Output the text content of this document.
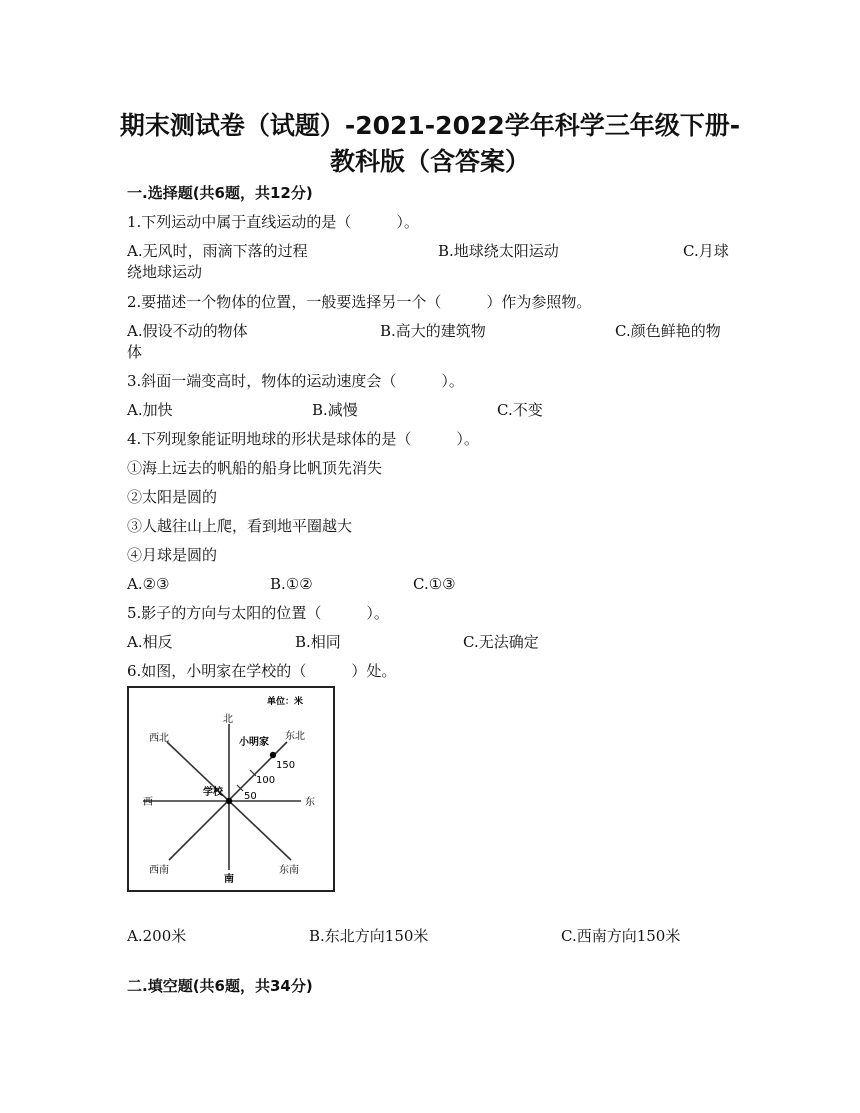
期末测试卷（试题）-2021-2022学年科学三年级下册-
教科版（含答案）
一.选择题(共6题，共12分)
1.下列运动中属于直线运动的是（　　　）。
A.无风时，雨滴下落的过程	B.地球绕太阳运动	C.月球
绕地球运动
2.要描述一个物体的位置，一般要选择另一个（　　　）作为参照物。
A.假设不动的物体	B.高大的建筑物	C.颜色鲜艳的物
体
3.斜面一端变高时，物体的运动速度会（　　　）。
A.加快	B.减慢	C.不变
4.下列现象能证明地球的形状是球体的是（　　　）。
①海上远去的帆船的船身比帆顶先消失
②太阳是圆的
③人越往山上爬，看到地平圈越大
④月球是圆的
A.②③	B.①②	C.①③
5.影子的方向与太阳的位置（　　　）。
A.相反	B.相同	C.无法确定
6.如图，小明家在学校的（　　　）处。
单位：米
北
南
东
西
东北
西北
东南
西南
小明家
学校 50
100
150
A.200米	B.东北方向150米	C.西南方向150米
二.填空题(共6题，共34分)
